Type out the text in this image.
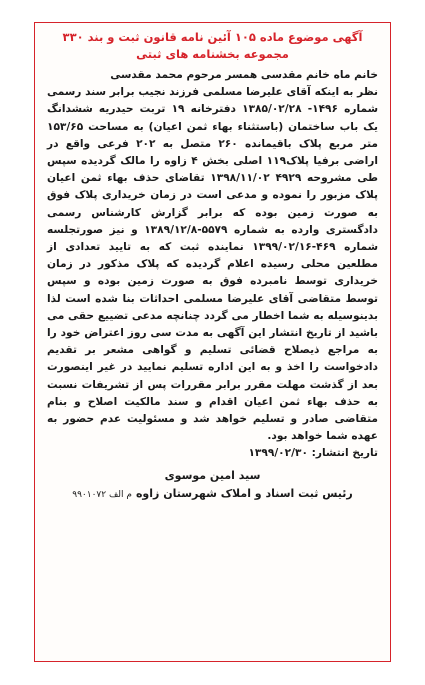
آگهی موضوع ماده ۱۰۵ آئین نامه قانون ثبت و بند ۳۳۰

مجموعه بخشنامه های ثبتی

خانم ماه خانم مقدسی همسر مرحوم محمد مقدسی

نظر به اینکه آقای علیرضا مسلمی فرزند نجیب برابر سند رسمی شماره ۱۴۹۶- ۱۳۸۵/۰۲/۲۸ دفترخانه ۱۹ تربت حیدریه ششدانگ یک باب ساختمان (باستثناء بهاء ثمن اعیان) به مساحت ۱۵۳/۶۵ متر مربع پلاک باقیمانده ۲۶۰ متصل به ۲۰۲ فرعی واقع در اراضی برفیا پلاک۱۱۹ اصلی بخش ۴ زاوه را مالک گردیده سپس طی مشروحه ۴۹۲۹ ۱۳۹۸/۱۱/۰۲ تقاضای حذف بهاء ثمن اعیان پلاک مزبور را نموده و مدعی است در زمان خریداری پلاک فوق به صورت زمین بوده که برابر گزارش کارشناس رسمی دادگستری وارده به شماره ۵۵۷۹-۱۳۸۹/۱۲/۸ و نیز صورتجلسه شماره ۴۶۹-۱۳۹۹/۰۲/۱۶ نماینده ثبت که به تایید تعدادی از مطلعین محلی رسیده اعلام گردیده که پلاک مذکور در زمان خریداری توسط نامبرده فوق به صورت زمین بوده و سپس توسط متقاضی آقای علیرضا مسلمی احداثات بنا شده است لذا بدینوسیله به شما اخطار می گردد چنانچه مدعی تضییع حقی می باشید از تاریخ انتشار این آگهی به مدت سی روز اعتراض خود را به مراجع ذیصلاح قضائی تسلیم و گواهی مشعر بر تقدیم دادخواست را اخذ و به این اداره تسلیم نمایید در غیر اینصورت بعد از گذشت مهلت مقرر برابر مقررات پس از تشریفات نسبت به حذف بهاء ثمن اعیان اقدام و سند مالکیت اصلاح و بنام متقاضی صادر و تسلیم خواهد شد و مسئولیت عدم حضور به عهده شما خواهد بود.

تاریخ انتشار: ۱۳۹۹/۰۲/۳۰
سید امین موسوی
رئیس ثبت اسناد و املاک شهرستان زاوه
م الف ۹۹۰۱۰۷۲
